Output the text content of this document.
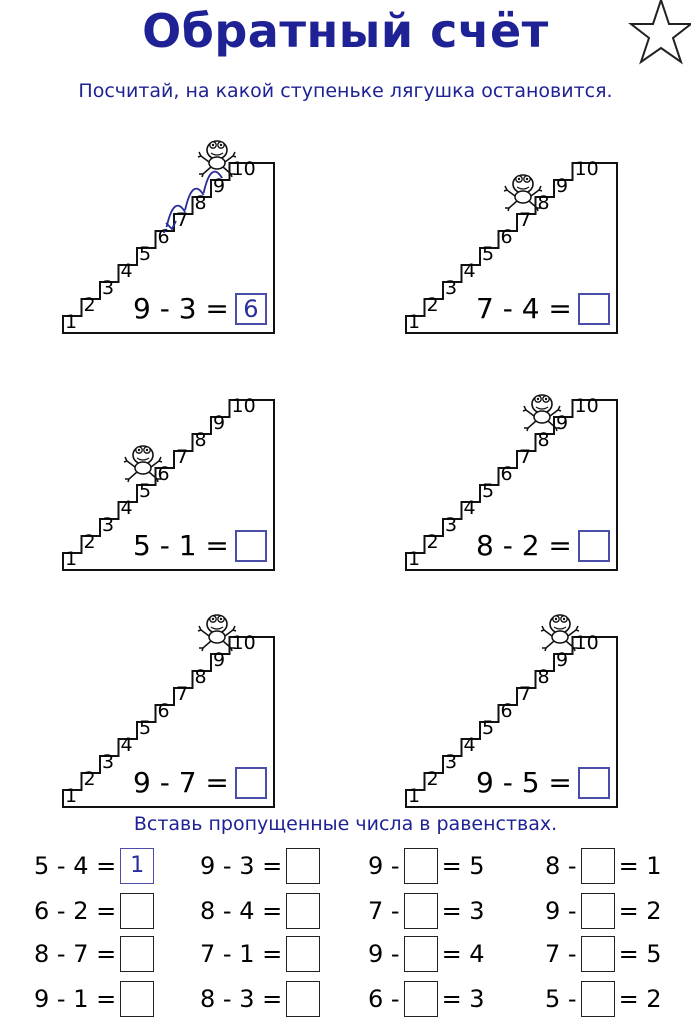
Обратный счёт
Посчитай, на какой ступеньке лягушка остановится.
1
2
3
4
5
6
7
8
9
10
9 - 3 = 6	1
2
3
4
5
6
7
8
9
10
7 - 4 =
1
2
3
4
5
6
7
8
9
10
5 - 1 =	1
2
3
4
5
6
7
8
9
10
8 - 2 =
1
2
3
4
5
6
7
8
9
10
9 - 7 =	1
2
3
4
5
6
7
8
9
10
9 - 5 =
Вставь пропущенные числа в равенствах.
5 - 4 = 1
6 - 2 =
8 - 7 =
9 - 1 =
9 - 3 =
8 - 4 =
7 - 1 =
8 - 3 =
9 - = 5
7 - = 3
9 - = 4
6 - = 3
8 - = 1
9 - = 2
7 - = 5
5 - = 2
